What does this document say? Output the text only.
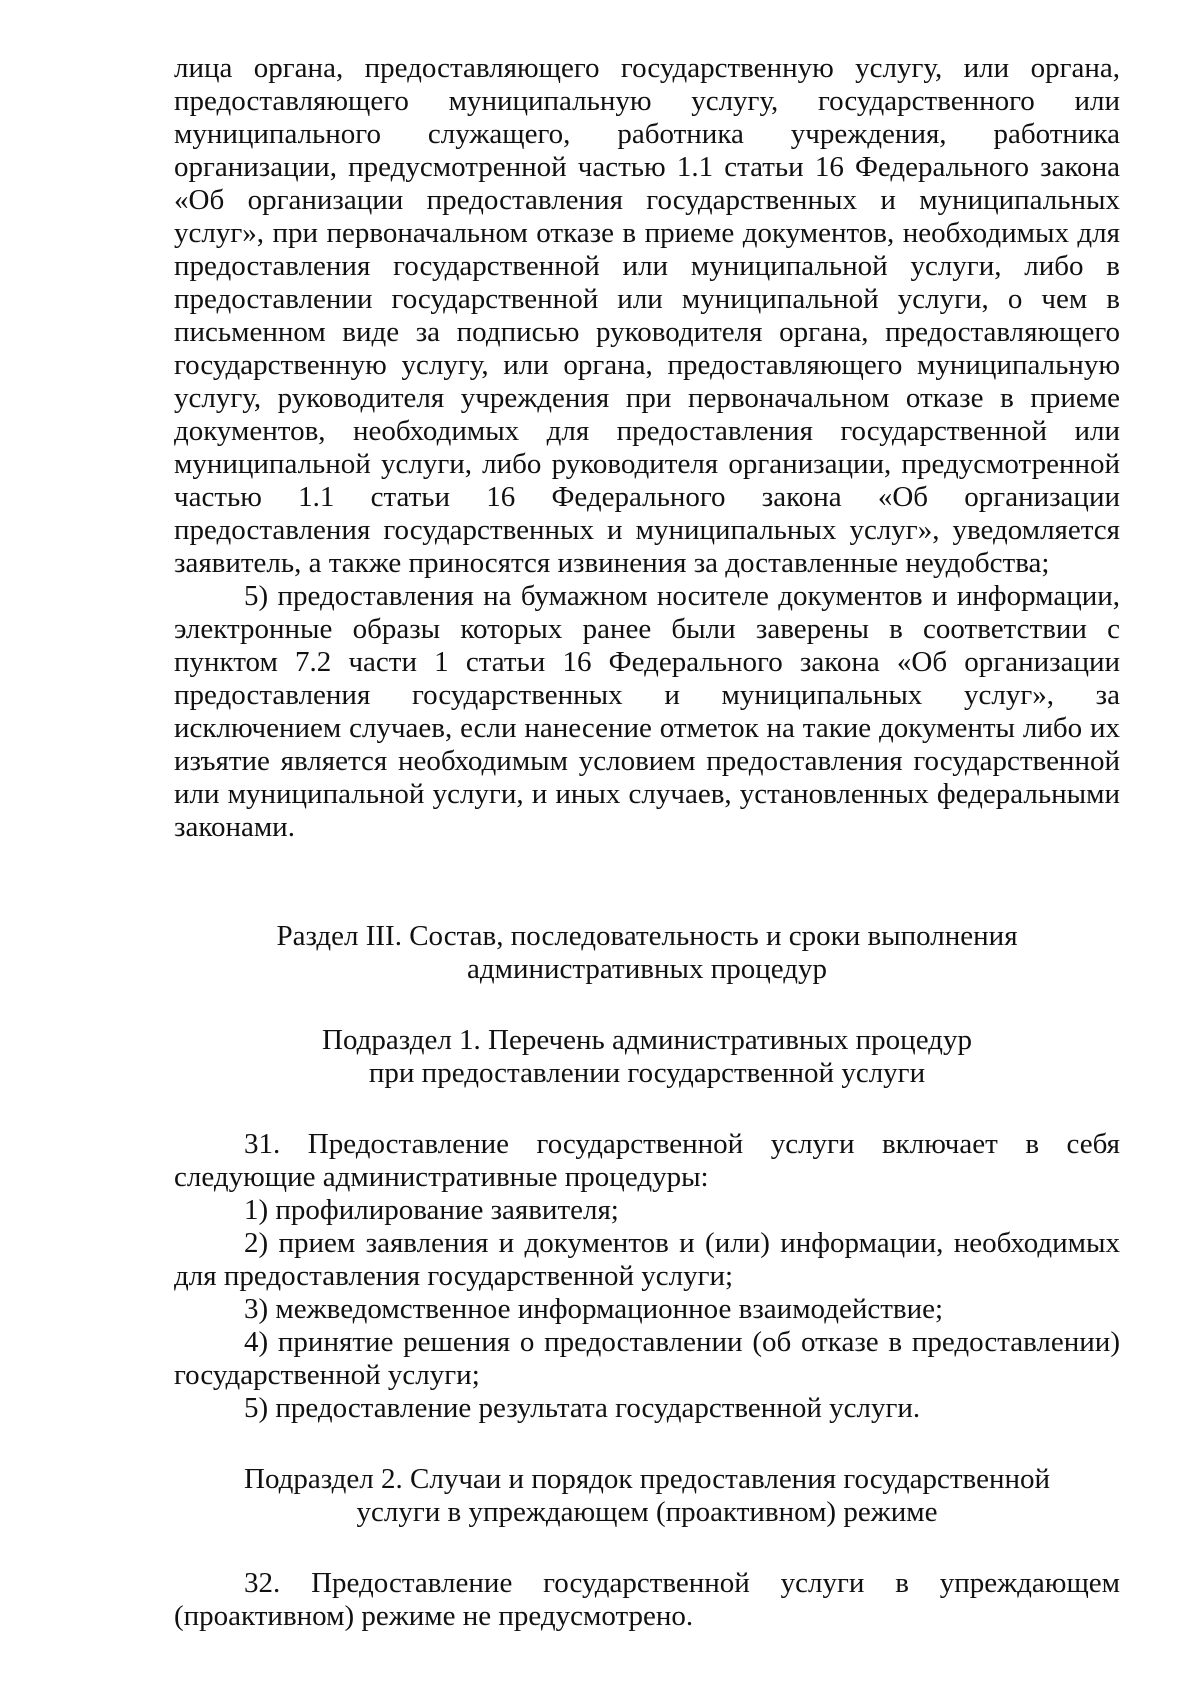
лица органа, предоставляющего государственную услугу, или органа, предоставляющего муниципальную услугу, государственного или муниципального служащего, работника учреждения, работника организации, предусмотренной частью 1.1 статьи 16 Федерального закона «Об организации предоставления государственных и муниципальных услуг», при первоначальном отказе в приеме документов, необходимых для предоставления государственной или муниципальной услуги, либо в предоставлении государственной или муниципальной услуги, о чем в письменном виде за подписью руководителя органа, предоставляющего государственную услугу, или органа, предоставляющего муниципальную услугу, руководителя учреждения при первоначальном отказе в приеме документов, необходимых для предоставления государственной или муниципальной услуги, либо руководителя организации, предусмотренной частью 1.1 статьи 16 Федерального закона «Об организации предоставления государственных и муниципальных услуг», уведомляется заявитель, а также приносятся извинения за доставленные неудобства;

5) предоставления на бумажном носителе документов и информации, электронные образы которых ранее были заверены в соответствии с пунктом 7.2 части 1 статьи 16 Федерального закона «Об организации предоставления государственных и муниципальных услуг», за исключением случаев, если нанесение отметок на такие документы либо их изъятие является необходимым условием предоставления государственной или муниципальной услуги, и иных случаев, установленных федеральными законами.

Раздел III. Состав, последовательность и сроки выполнения
административных процедур
Подраздел 1. Перечень административных процедур
при предоставлении государственной услуги

31. Предоставление государственной услуги включает в себя следующие административные процедуры:

1) профилирование заявителя;

2) прием заявления и документов и (или) информации, необходимых для предоставления государственной услуги;

3) межведомственное информационное взаимодействие;

4) принятие решения о предоставлении (об отказе в предоставлении) государственной услуги;

5) предоставление результата государственной услуги.

Подраздел 2. Случаи и порядок предоставления государственной
услуги в упреждающем (проактивном) режиме

32. Предоставление государственной услуги в упреждающем (проактивном) режиме не предусмотрено.
